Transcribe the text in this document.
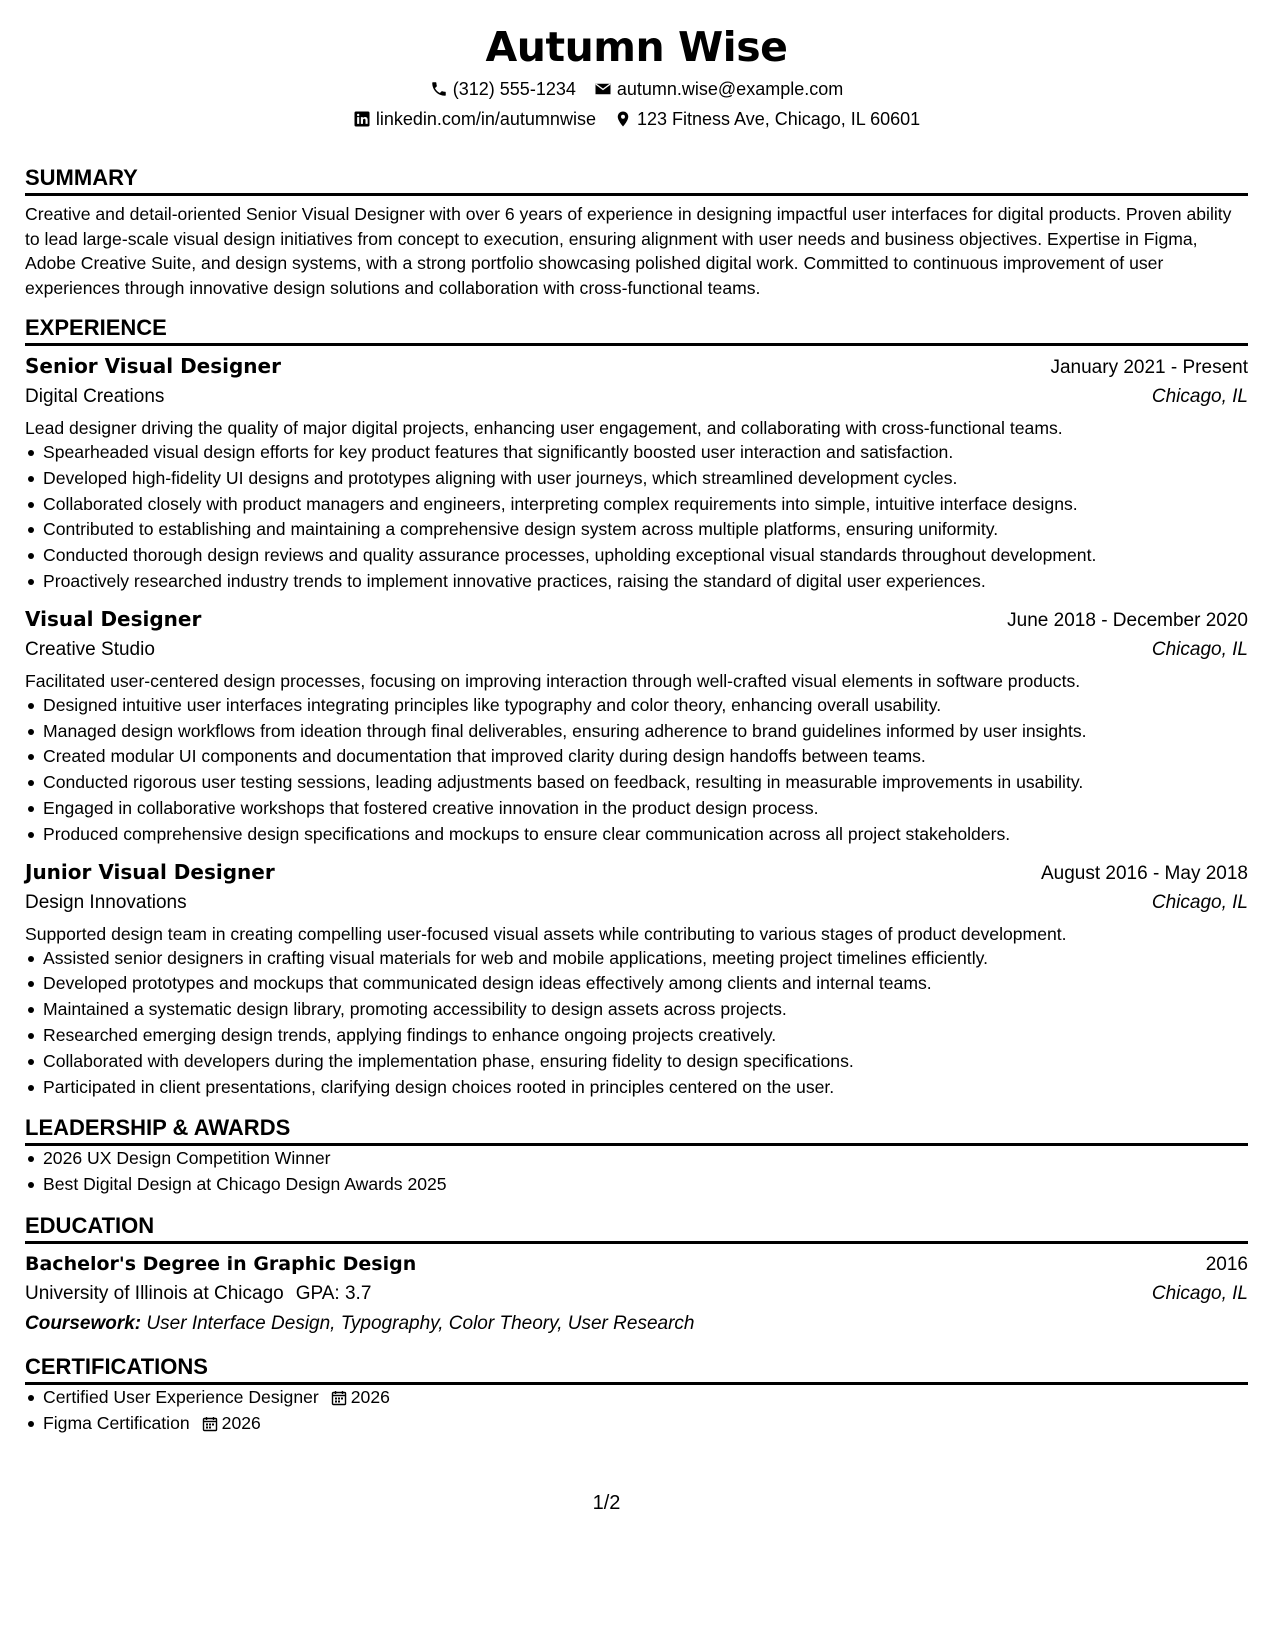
Autumn Wise
(312) 555-1234 autumn.wise@example.com
linkedin.com/in/autumnwise 123 Fitness Ave, Chicago, IL 60601
SUMMARY
Creative and detail-oriented Senior Visual Designer with over 6 years of experience in designing impactful user interfaces for digital products. Proven ability to lead large-scale visual design initiatives from concept to execution, ensuring alignment with user needs and business objectives. Expertise in Figma, Adobe Creative Suite, and design systems, with a strong portfolio showcasing polished digital work. Committed to continuous improvement of user experiences through innovative design solutions and collaboration with cross-functional teams.
EXPERIENCE
Senior Visual Designer	January 2021 - Present
Digital Creations	Chicago, IL
Lead designer driving the quality of major digital projects, enhancing user engagement, and collaborating with cross-functional teams.
Spearheaded visual design efforts for key product features that significantly boosted user interaction and satisfaction.
Developed high-fidelity UI designs and prototypes aligning with user journeys, which streamlined development cycles.
Collaborated closely with product managers and engineers, interpreting complex requirements into simple, intuitive interface designs.
Contributed to establishing and maintaining a comprehensive design system across multiple platforms, ensuring uniformity.
Conducted thorough design reviews and quality assurance processes, upholding exceptional visual standards throughout development.
Proactively researched industry trends to implement innovative practices, raising the standard of digital user experiences.
Visual Designer	June 2018 - December 2020
Creative Studio	Chicago, IL
Facilitated user-centered design processes, focusing on improving interaction through well-crafted visual elements in software products.
Designed intuitive user interfaces integrating principles like typography and color theory, enhancing overall usability.
Managed design workflows from ideation through final deliverables, ensuring adherence to brand guidelines informed by user insights.
Created modular UI components and documentation that improved clarity during design handoffs between teams.
Conducted rigorous user testing sessions, leading adjustments based on feedback, resulting in measurable improvements in usability.
Engaged in collaborative workshops that fostered creative innovation in the product design process.
Produced comprehensive design specifications and mockups to ensure clear communication across all project stakeholders.
Junior Visual Designer	August 2016 - May 2018
Design Innovations	Chicago, IL
Supported design team in creating compelling user-focused visual assets while contributing to various stages of product development.
Assisted senior designers in crafting visual materials for web and mobile applications, meeting project timelines efficiently.
Developed prototypes and mockups that communicated design ideas effectively among clients and internal teams.
Maintained a systematic design library, promoting accessibility to design assets across projects.
Researched emerging design trends, applying findings to enhance ongoing projects creatively.
Collaborated with developers during the implementation phase, ensuring fidelity to design specifications.
Participated in client presentations, clarifying design choices rooted in principles centered on the user.
LEADERSHIP & AWARDS
2026 UX Design Competition Winner
Best Digital Design at Chicago Design Awards 2025
EDUCATION
Bachelor's Degree in Graphic Design	2016
University of Illinois at Chicago GPA: 3.7	Chicago, IL
Coursework: User Interface Design, Typography, Color Theory, User Research
CERTIFICATIONS
Certified User Experience Designer 2026
Figma Certification 2026
1/2
